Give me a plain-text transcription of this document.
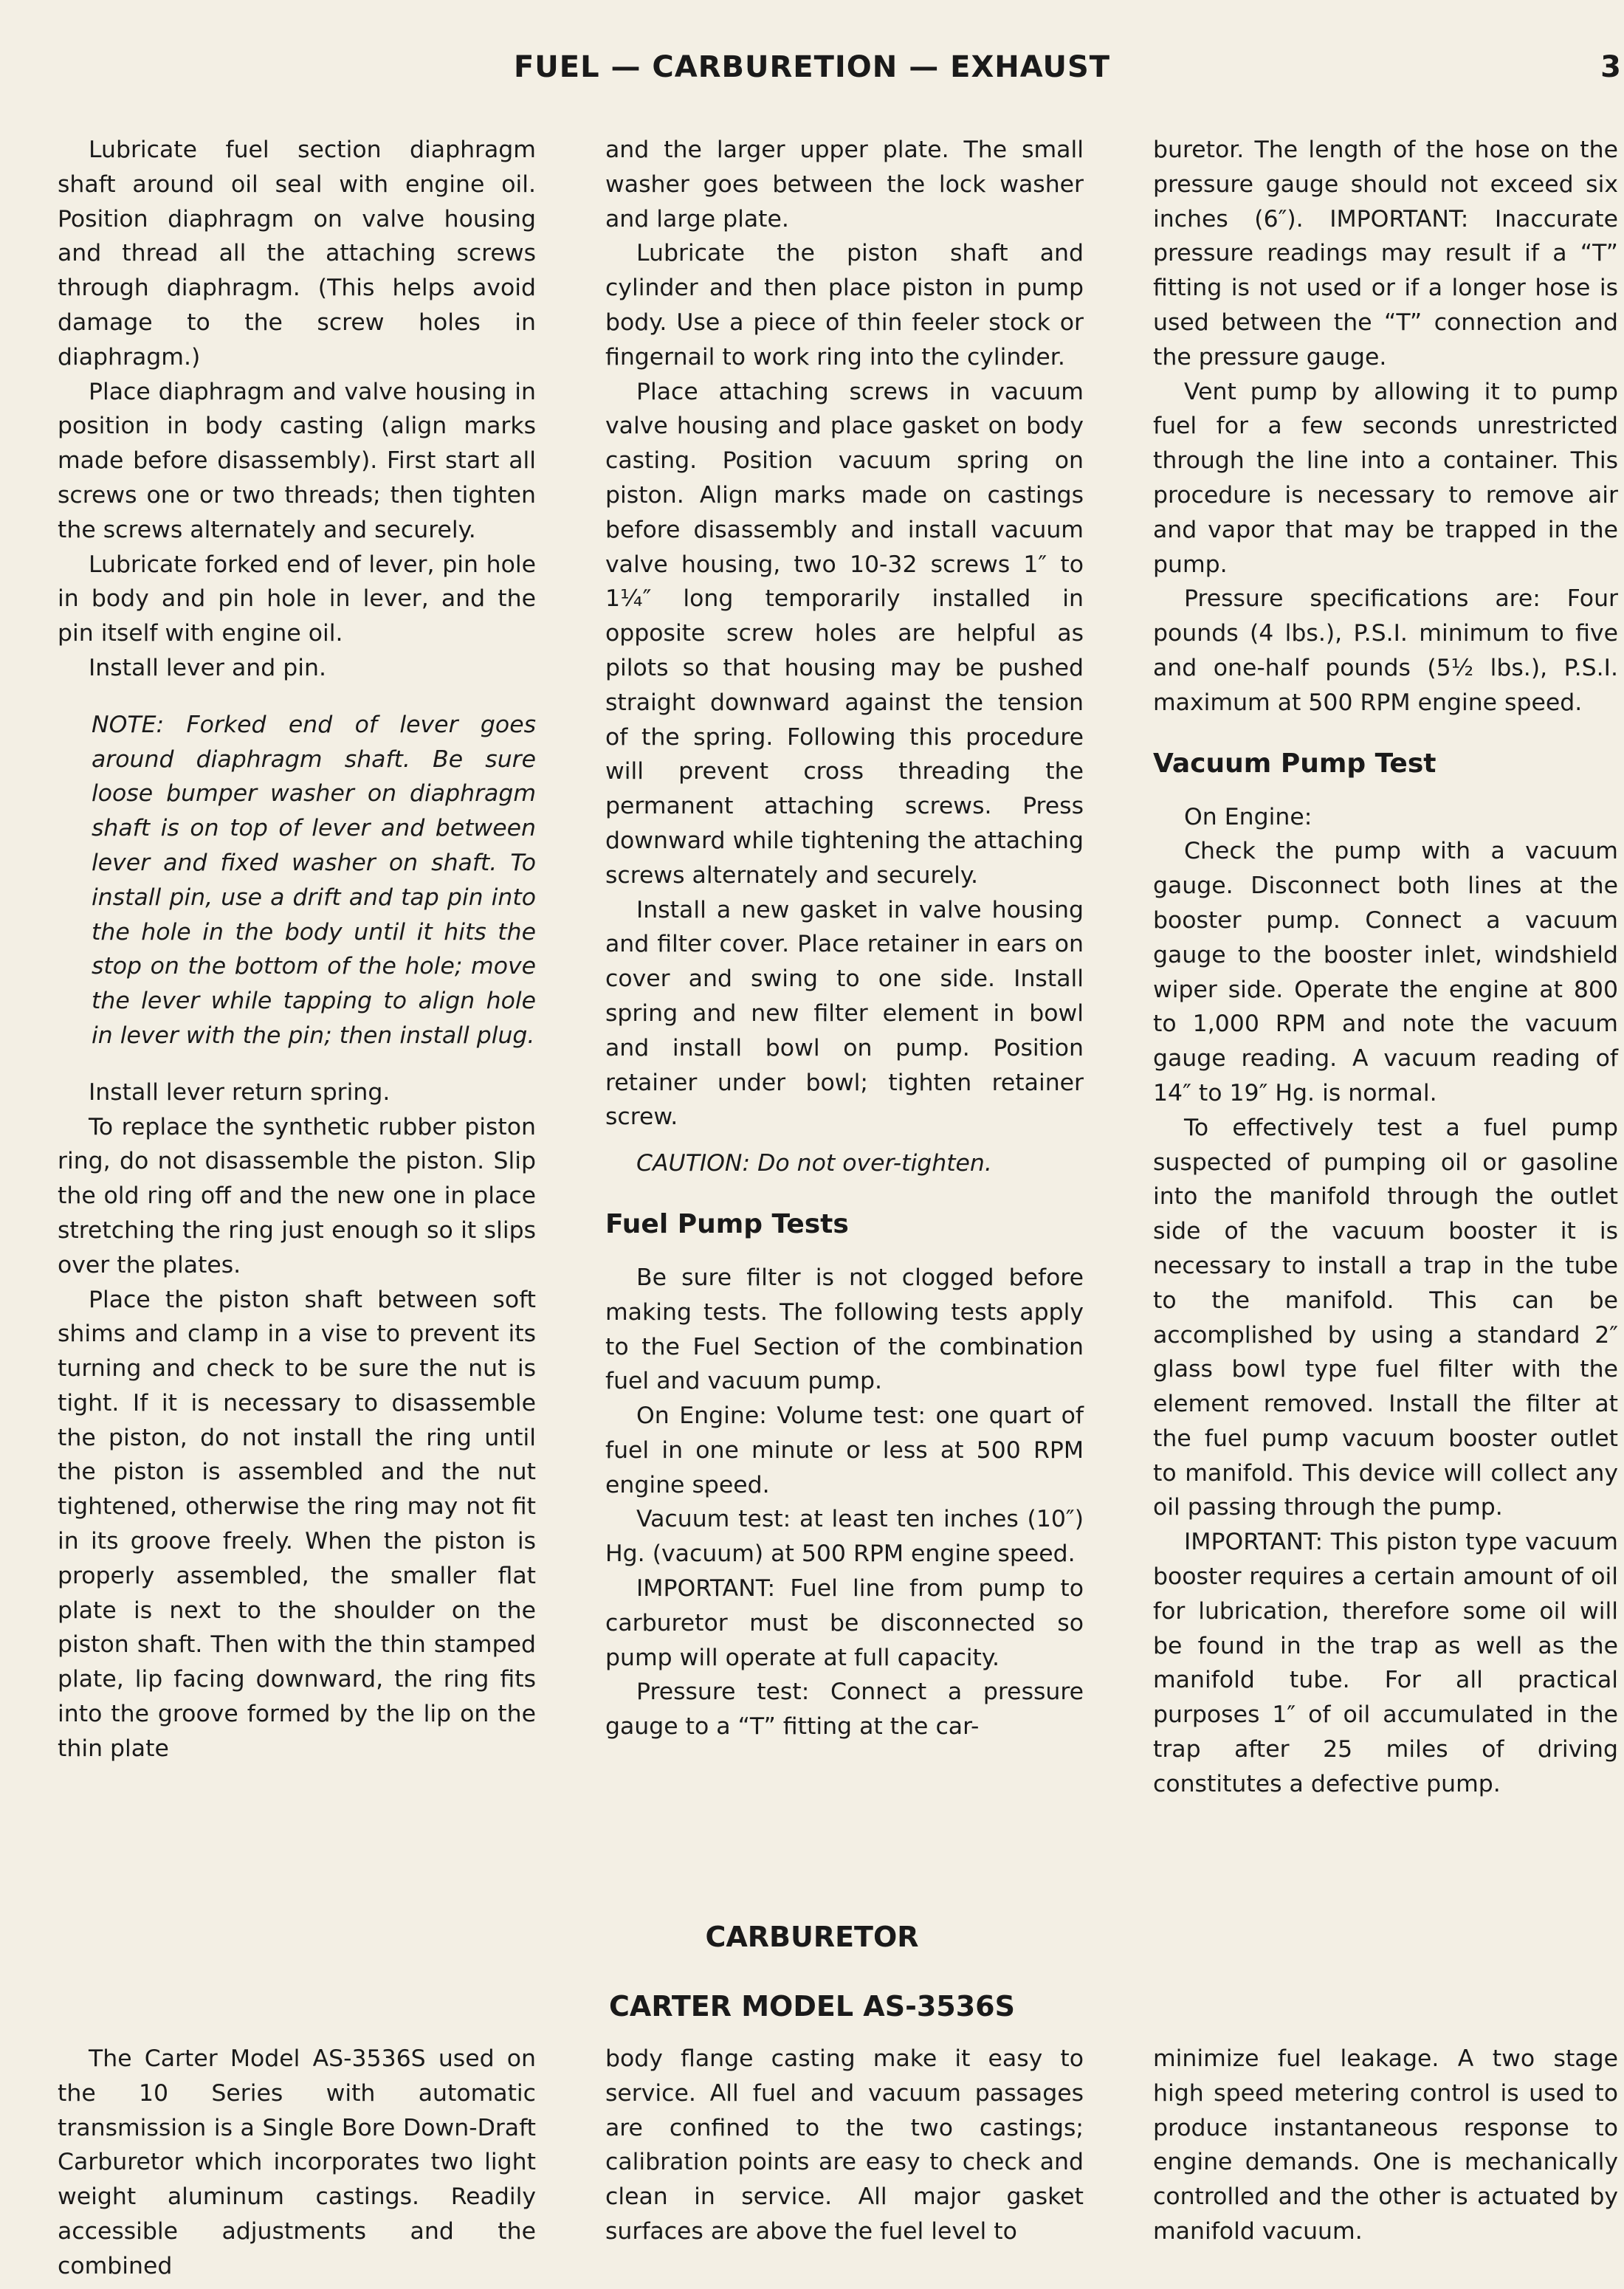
FUEL — CARBURETION — EXHAUST	3

Lubricate fuel section diaphragm shaft around oil seal with engine oil. Position diaphragm on valve housing and thread all the attaching screws through diaphragm. (This helps avoid damage to the screw holes in diaphragm.)

Place diaphragm and valve housing in position in body casting (align marks made before disassembly). First start all screws one or two threads; then tighten the screws alternately and securely.

Lubricate forked end of lever, pin hole in body and pin hole in lever, and the pin itself with engine oil.

Install lever and pin.

NOTE: Forked end of lever goes around diaphragm shaft. Be sure loose bumper washer on diaphragm shaft is on top of lever and between lever and fixed washer on shaft. To install pin, use a drift and tap pin into the hole in the body until it hits the stop on the bottom of the hole; move the lever while tapping to align hole in lever with the pin; then install plug.

Install lever return spring.

To replace the synthetic rubber piston ring, do not disassemble the piston. Slip the old ring off and the new one in place stretching the ring just enough so it slips over the plates.

Place the piston shaft between soft shims and clamp in a vise to prevent its turning and check to be sure the nut is tight. If it is necessary to disassemble the piston, do not install the ring until the piston is assembled and the nut tightened, otherwise the ring may not fit in its groove freely. When the piston is properly assembled, the smaller flat plate is next to the shoulder on the piston shaft. Then with the thin stamped plate, lip facing downward, the ring fits into the groove formed by the lip on the thin plate

and the larger upper plate. The small washer goes between the lock washer and large plate.

Lubricate the piston shaft and cylinder and then place piston in pump body. Use a piece of thin feeler stock or fingernail to work ring into the cylinder.

Place attaching screws in vacuum valve housing and place gasket on body casting. Position vacuum spring on piston. Align marks made on castings before disassembly and install vacuum valve housing, two 10-32 screws 1″ to 1¼″ long temporarily installed in opposite screw holes are helpful as pilots so that housing may be pushed straight downward against the tension of the spring. Following this procedure will prevent cross threading the permanent attaching screws. Press downward while tightening the attaching screws alternately and securely.

Install a new gasket in valve housing and filter cover. Place retainer in ears on cover and swing to one side. Install spring and new filter element in bowl and install bowl on pump. Position retainer under bowl; tighten retainer screw.

CAUTION: Do not over-tighten.

Fuel Pump Tests

Be sure filter is not clogged before making tests. The following tests apply to the Fuel Section of the combination fuel and vacuum pump.

On Engine: Volume test: one quart of fuel in one minute or less at 500 RPM engine speed.

Vacuum test: at least ten inches (10″) Hg. (vacuum) at 500 RPM engine speed.

IMPORTANT: Fuel line from pump to carburetor must be disconnected so pump will operate at full capacity.

Pressure test: Connect a pressure gauge to a “T” fitting at the car-

buretor. The length of the hose on the pressure gauge should not exceed six inches (6″). IMPORTANT: Inaccurate pressure readings may result if a “T” fitting is not used or if a longer hose is used between the “T” connection and the pressure gauge.

Vent pump by allowing it to pump fuel for a few seconds unrestricted through the line into a container. This procedure is necessary to remove air and vapor that may be trapped in the pump.

Pressure specifications are: Four pounds (4 lbs.), P.S.I. minimum to five and one-half pounds (5½ lbs.), P.S.I. maximum at 500 RPM engine speed.

Vacuum Pump Test

On Engine:

Check the pump with a vacuum gauge. Disconnect both lines at the booster pump. Connect a vacuum gauge to the booster inlet, windshield wiper side. Operate the engine at 800 to 1,000 RPM and note the vacuum gauge reading. A vacuum reading of 14″ to 19″ Hg. is normal.

To effectively test a fuel pump suspected of pumping oil or gasoline into the manifold through the outlet side of the vacuum booster it is necessary to install a trap in the tube to the manifold. This can be accomplished by using a standard 2″ glass bowl type fuel filter with the element removed. Install the filter at the fuel pump vacuum booster outlet to manifold. This device will collect any oil passing through the pump.

IMPORTANT: This piston type vacuum booster requires a certain amount of oil for lubrication, therefore some oil will be found in the trap as well as the manifold tube. For all practical purposes 1″ of oil accumulated in the trap after 25 miles of driving constitutes a defective pump.

CARBURETOR
CARTER MODEL AS-3536S

The Carter Model AS-3536S used on the 10 Series with automatic transmission is a Single Bore Down-Draft Carburetor which incorporates two light weight aluminum castings. Readily accessible adjustments and the combined

body flange casting make it easy to service. All fuel and vacuum passages are confined to the two castings; calibration points are easy to check and clean in service. All major gasket surfaces are above the fuel level to

minimize fuel leakage. A two stage high speed metering control is used to produce instantaneous response to engine demands. One is mechanically controlled and the other is actuated by manifold vacuum.
